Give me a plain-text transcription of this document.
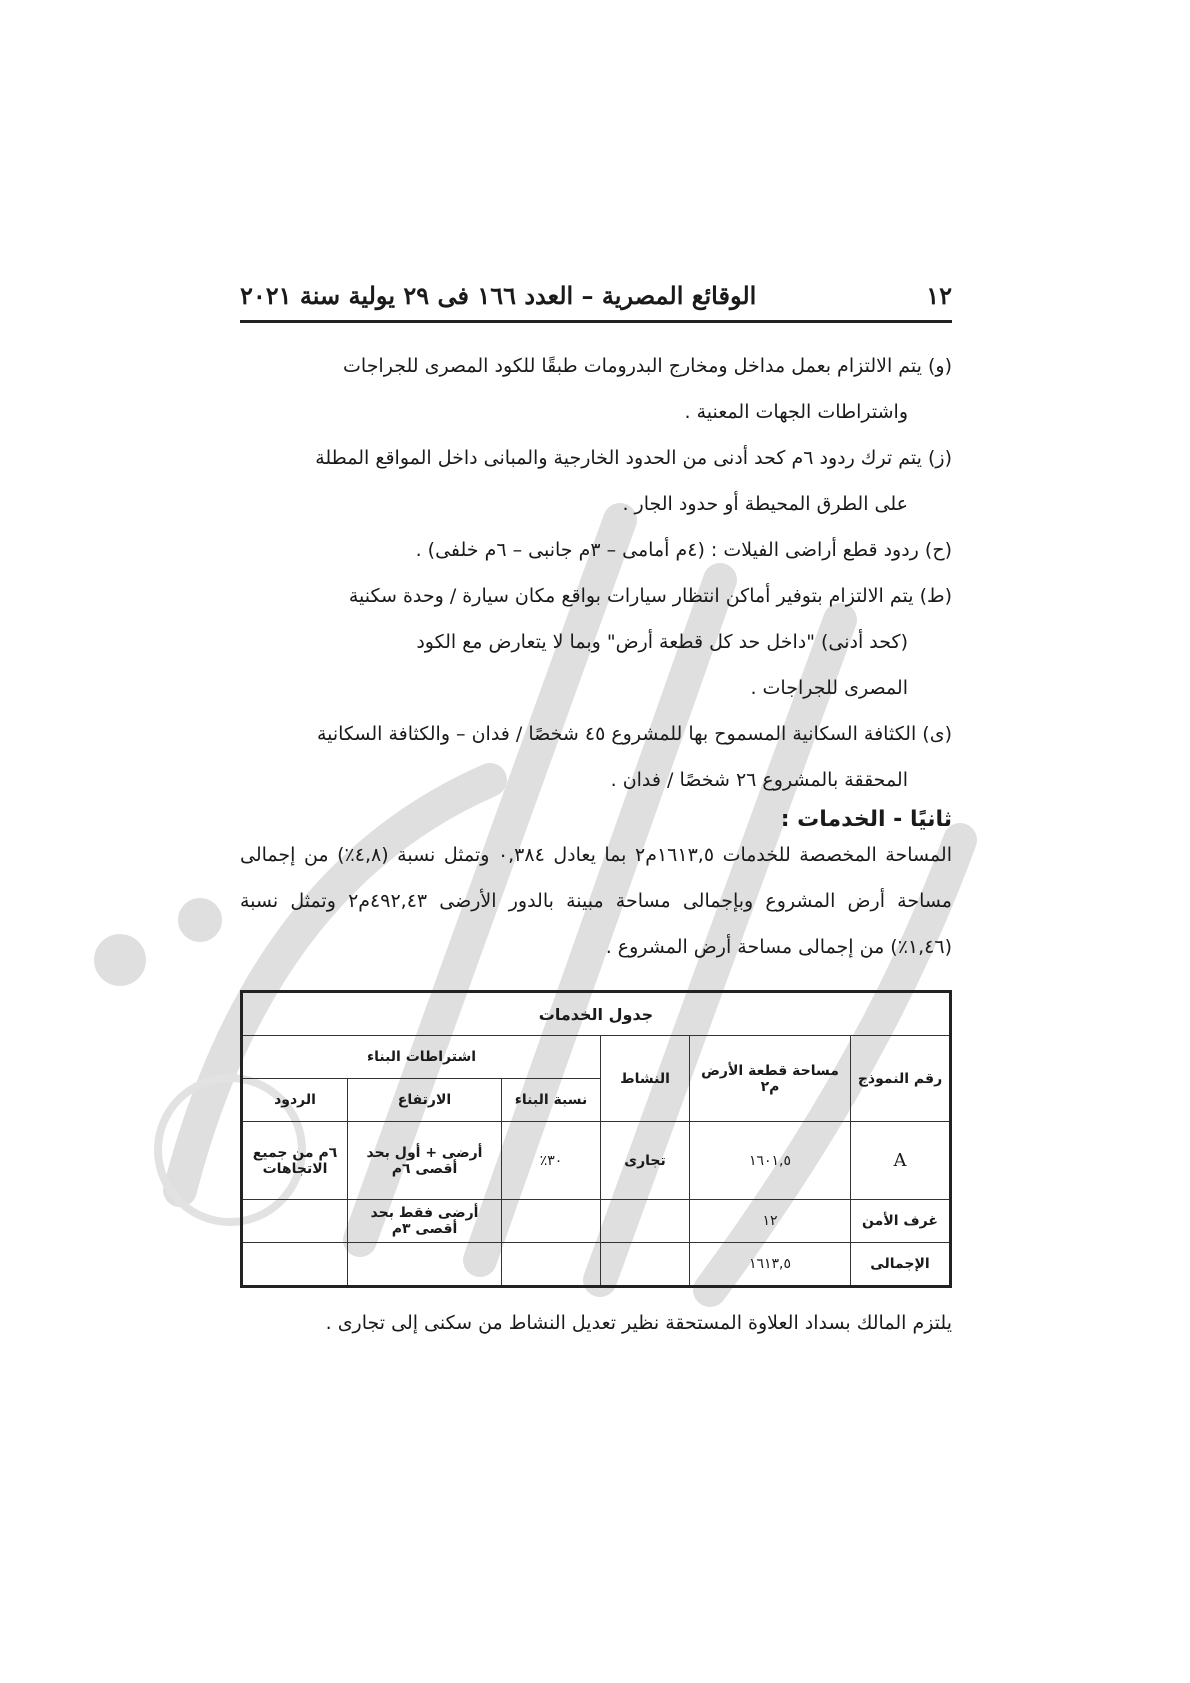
١٢
الوقائع المصرية – العدد ١٦٦ فى ٢٩ يولية سنة ٢٠٢١
(و) يتم الالتزام بعمل مداخل ومخارج البدرومات طبقًا للكود المصرى للجراجات
واشتراطات الجهات المعنية .
(ز) يتم ترك ردود ٦م كحد أدنى من الحدود الخارجية والمبانى داخل المواقع المطلة
على الطرق المحيطة أو حدود الجار .
(ح) ردود قطع أراضى الفيلات : (٤م أمامى – ٣م جانبى – ٦م خلفى) .
(ط) يتم الالتزام بتوفير أماكن انتظار سيارات بواقع مكان سيارة / وحدة سكنية
(كحد أدنى) "داخل حد كل قطعة أرض" وبما لا يتعارض مع الكود
المصرى للجراجات .
(ى) الكثافة السكانية المسموح بها للمشروع ٤٥ شخصًا / فدان – والكثافة السكانية
المحققة بالمشروع ٢٦ شخصًا / فدان .
ثانيًا - الخدمات :
المساحة المخصصة للخدمات ١٦١٣,٥م٢ بما يعادل ٠,٣٨٤ وتمثل نسبة (٤,٨٪) من إجمالى مساحة أرض المشروع وبإجمالى مساحة مبينة بالدور الأرضى ٤٩٢,٤٣م٢ وتمثل نسبة (١,٤٦٪) من إجمالى مساحة أرض المشروع .
جدول الخدمات					
رقم النموذج	مساحة قطعة الأرض م٢	النشاط	اشتراطات البناء		
			نسبة البناء	الارتفاع	الردود
A	١٦٠١,٥	تجارى	٣٠٪	أرضى + أول بحد أقصى ٦م	٦م من جميع الاتجاهات
غرف الأمن	١٢			أرضى فقط بحد أقصى ٣م	
الإجمالى	١٦١٣,٥				
يلتزم المالك بسداد العلاوة المستحقة نظير تعديل النشاط من سكنى إلى تجارى .
